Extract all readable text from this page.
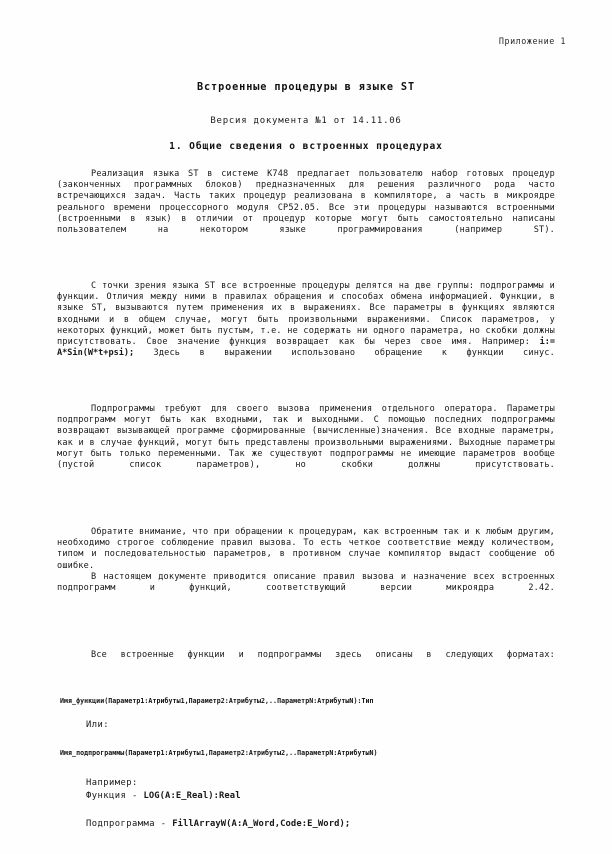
Приложение 1
Встроенные процедуры в языке ST
Версия документа №1 от 14.11.06
1. Общие сведения о встроенных процедурах

Реализация языка ST в системе К748 предлагает пользователю набор готовых процедур (законченных программных блоков) предназначенных для решения различного рода часто встречающихся задач. Часть таких процедур реализована в компиляторе, а часть в микроядре реального времени процессорного модуля CP52.05. Все эти процедуры называются встроенными (встроенными в язык) в отличии от процедур которые могут быть самостоятельно написаны пользователем на некотором языке программирования (например ST).

С точки зрения языка ST все встроенные процедуры делятся на две группы: подпрограммы и функции. Отличия между ними в правилах обращения и способах обмена информацией. Функции, в языке ST, вызываются путем применения их в выражениях. Все параметры в функциях являются входными и в общем случае, могут быть произвольными выражениями. Список параметров, у некоторых функций, может быть пустым, т.е. не содержать ни одного параметра, но скобки должны присутствовать. Свое значение функция возвращает как бы через свое имя. Например: i:= A*Sin(W*t+psi); Здесь в выражении использовано обращение к функции синус.

Подпрограммы требуют для своего вызова применения отдельного оператора. Параметры подпрограмм могут быть как входными, так и выходными. С помощью последних подпрограммы возвращают вызывающей программе сформированные (вычисленные)значения. Все входные параметры, как и в случае функций, могут быть представлены произвольными выражениями. Выходные параметры могут быть только переменными. Так же существуют подпрограммы не имеющие параметров вообще (пустой список параметров), но скобки должны присутствовать.

Обратите внимание, что при обращении к процедурам, как встроенным так и к любым другим, необходимо строгое соблюдение правил вызова. То есть четкое соответствие между количеством, типом и последовательностью параметров, в противном случае компилятор выдаст сообщение об ошибке.

В настоящем документе приводится описание правил вызова и назначение всех встроенных подпрограмм и функций, соответствующий версии микроядра 2.42.

Все встроенные функции и подпрограммы здесь описаны в следующих форматах:

Имя_функции(Параметр1:Атрибуты1,Параметр2:Атрибуты2,..ПараметрN:АтрибутыN):Тип
Или:
Имя_подпрограммы(Параметр1:Атрибуты1,Параметр2:Атрибуты2,..ПараметрN:АтрибутыN)
Например:
Функция - LOG(A:E_Real):Real
Подпрограмма - FillArrayW(A:A_Word,Code:E_Word);
